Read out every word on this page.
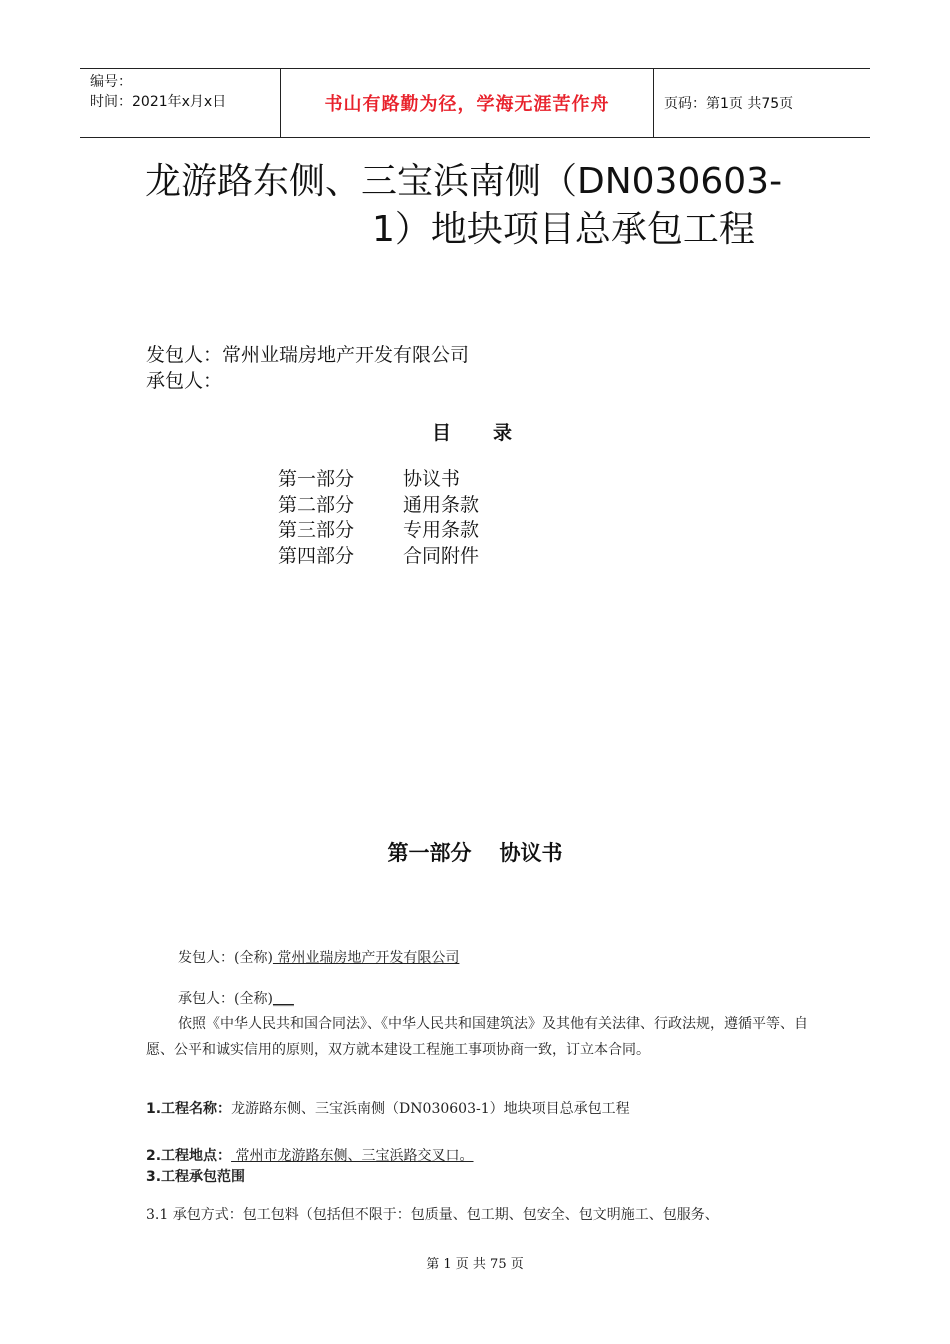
编号：
时间：2021年x月x日	书山有路勤为径，学海无涯苦作舟	页码：第1页 共75页
龙游路东侧、三宝浜南侧（DN030603-
1）地块项目总承包工程
发包人：常州业瑞房地产开发有限公司
承包人：
目录
第一部分	协议书
第二部分	通用条款
第三部分	专用条款
第四部分	合同附件
第一部分 协议书
发包人：(全称) 常州业瑞房地产开发有限公司
承包人：(全称)___
依照《中华人民共和国合同法》、《中华人民共和国建筑法》及其他有关法律、行政法规，遵循平等、自愿、公平和诚实信用的原则，双方就本建设工程施工事项协商一致，订立本合同。
1.工程名称：龙游路东侧、三宝浜南侧（DN030603-1）地块项目总承包工程
2.工程地点： 常州市龙游路东侧、三宝浜路交叉口。
3.工程承包范围
3.1 承包方式：包工包料（包括但不限于：包质量、包工期、包安全、包文明施工、包服务、
第 1 页 共 75 页
